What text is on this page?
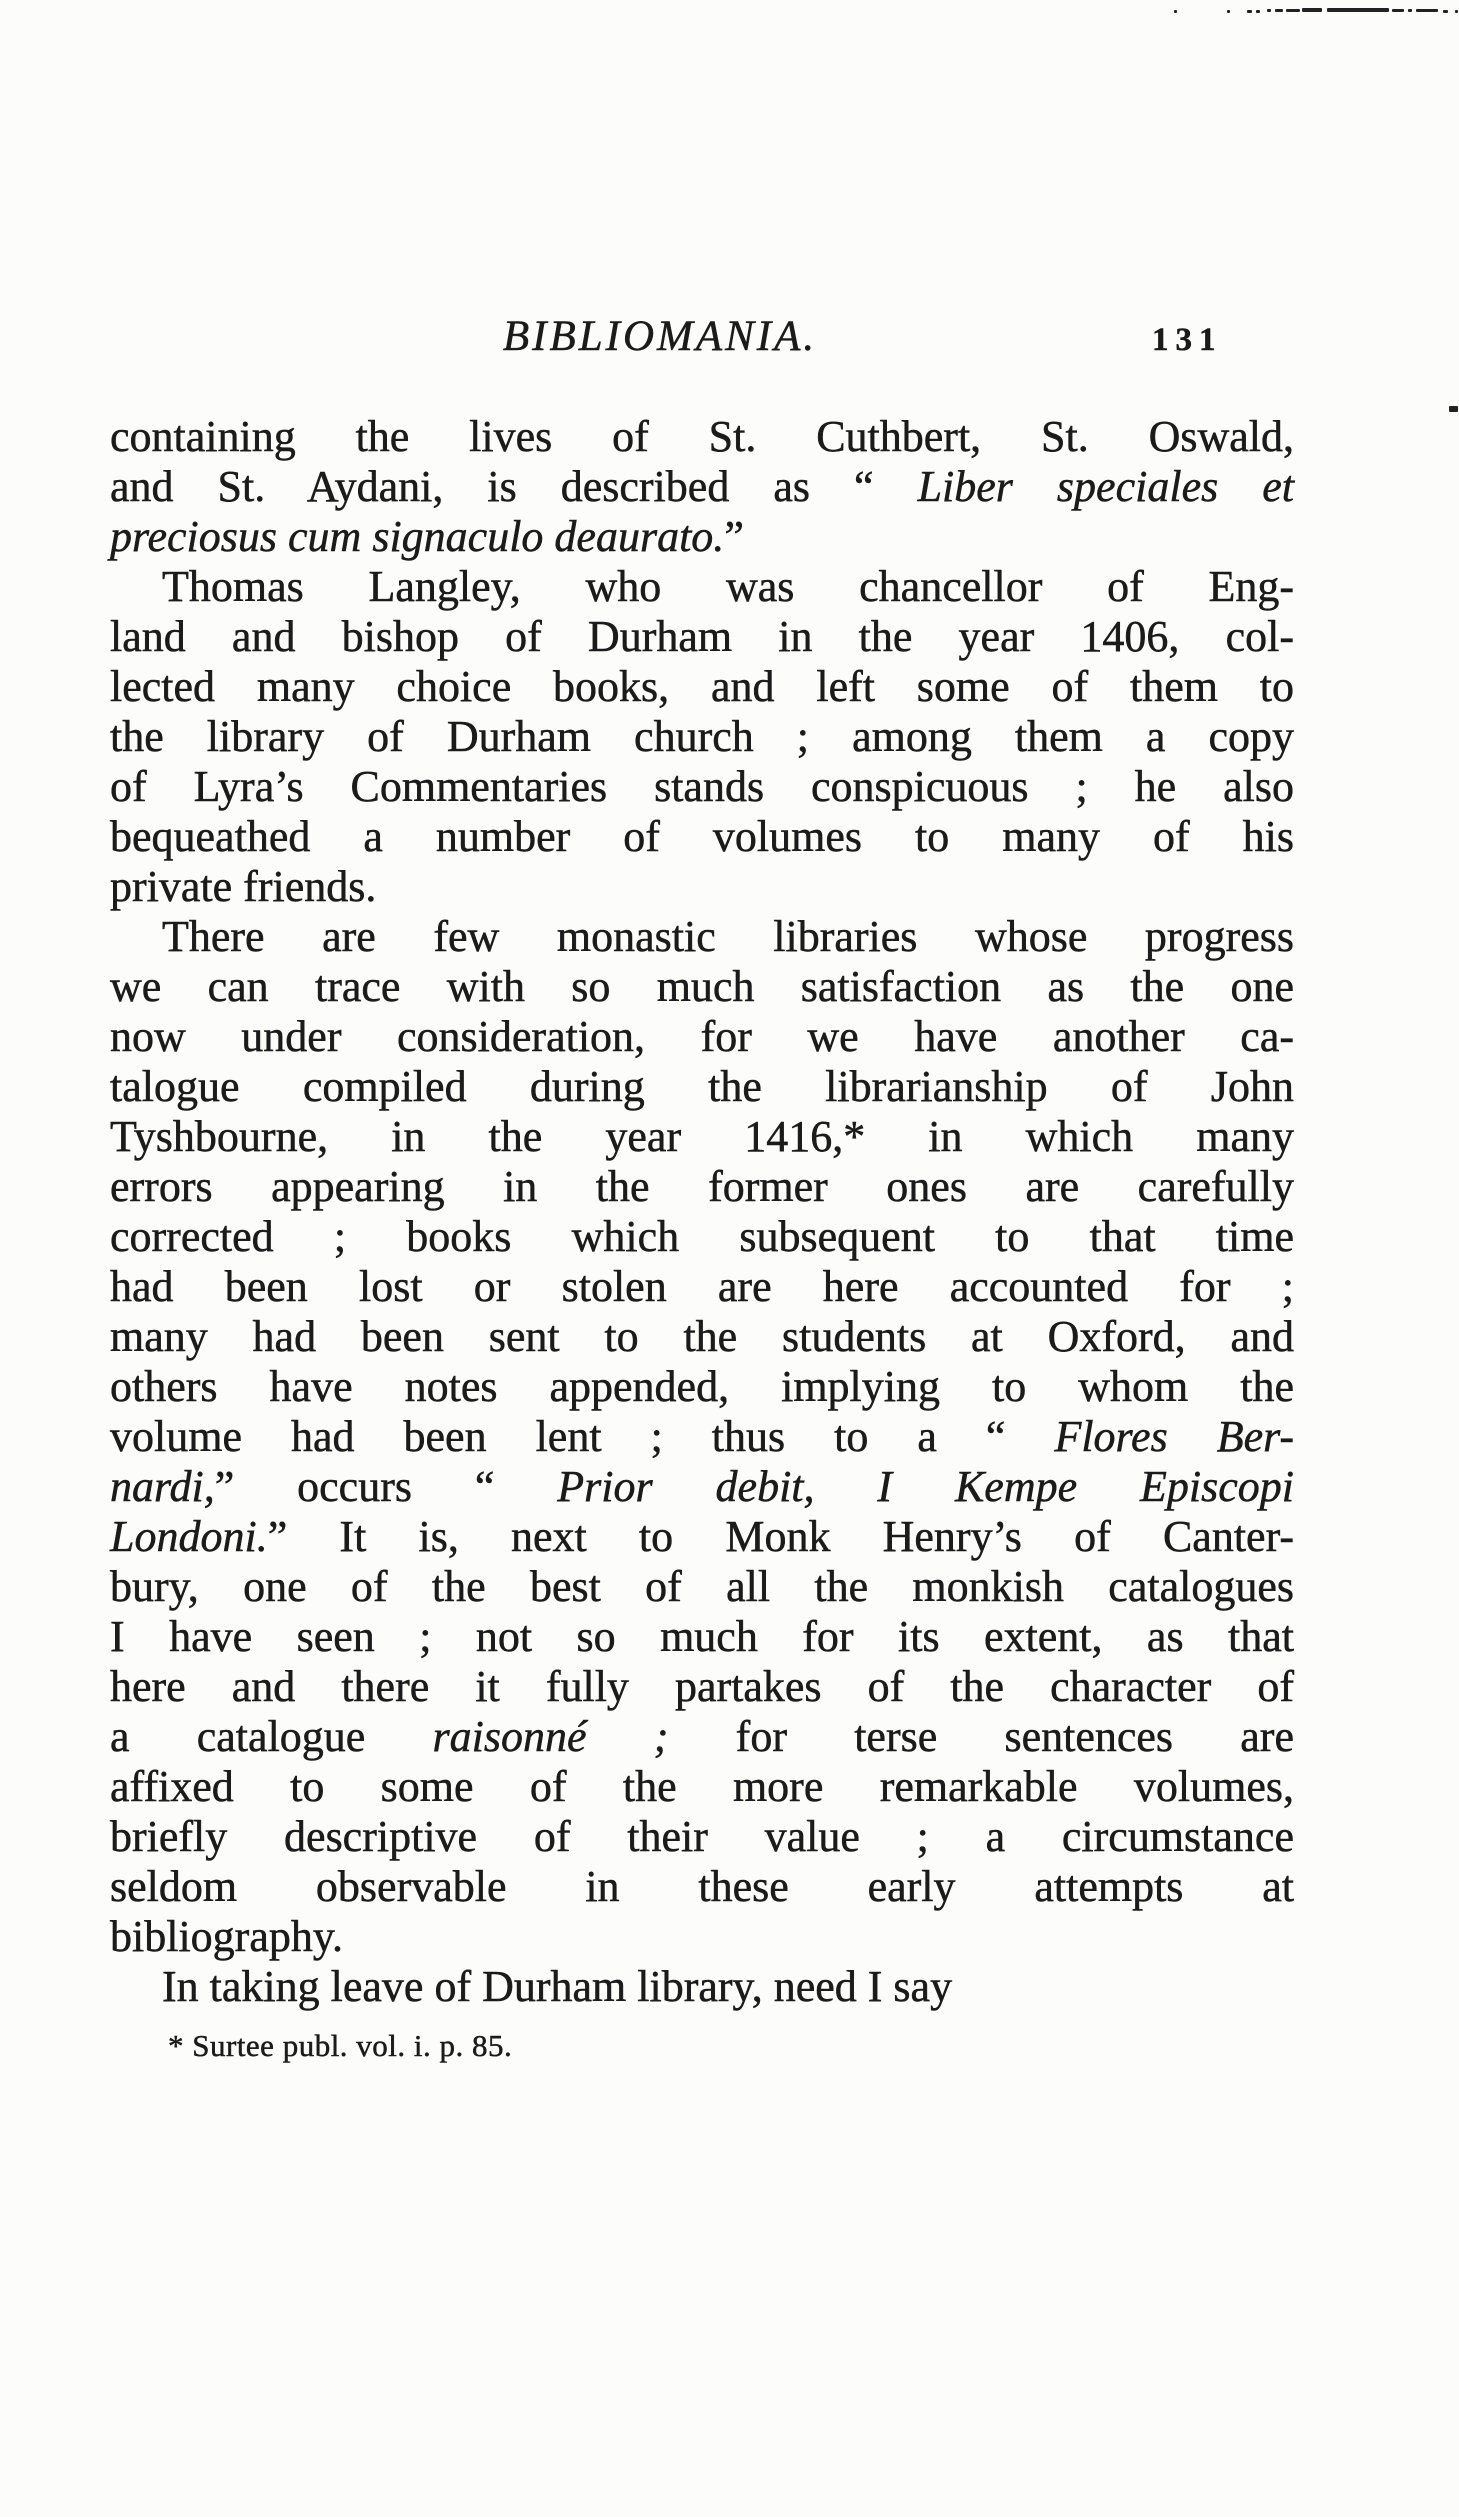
BIBLIOMANIA.	131
containing the lives of St. Cuthbert, St. Oswald,
and St. Aydani, is described as “ Liber speciales et
preciosus cum signaculo deaurato.”
Thomas Langley, who was chancellor of Eng-
land and bishop of Durham in the year 1406, col-
lected many choice books, and left some of them to
the library of Durham church ; among them a copy
of Lyra’s Commentaries stands conspicuous ; he also
bequeathed a number of volumes to many of his
private friends.
There are few monastic libraries whose progress
we can trace with so much satisfaction as the one
now under consideration, for we have another ca-
talogue compiled during the librarianship of John
Tyshbourne, in the year 1416,* in which many
errors appearing in the former ones are carefully
corrected ; books which subsequent to that time
had been lost or stolen are here accounted for ;
many had been sent to the students at Oxford, and
others have notes appended, implying to whom the
volume had been lent ; thus to a “ Flores Ber-
nardi,” occurs “ Prior debit, I Kempe Episcopi
Londoni.” It is, next to Monk Henry’s of Canter-
bury, one of the best of all the monkish catalogues
I have seen ; not so much for its extent, as that
here and there it fully partakes of the character of
a catalogue raisonné ; for terse sentences are
affixed to some of the more remarkable volumes,
briefly descriptive of their value ; a circumstance
seldom observable in these early attempts at
bibliography.
In taking leave of Durham library, need I say
* Surtee publ. vol. i. p. 85.
